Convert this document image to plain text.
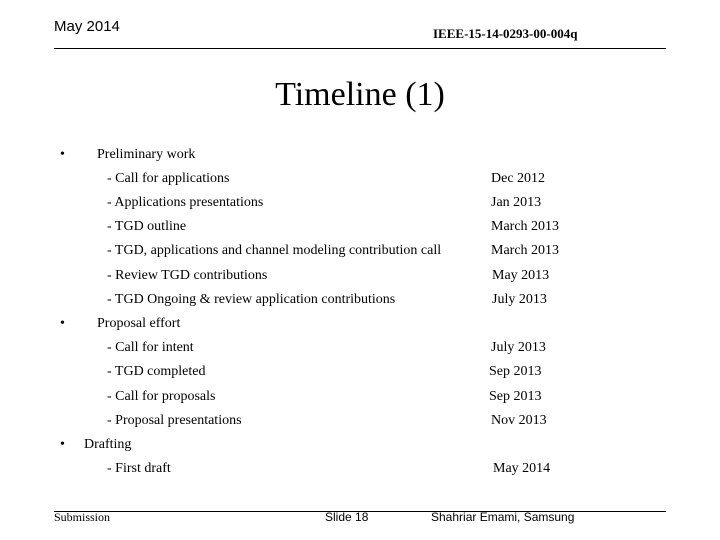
May 2014	IEEE-15-14-0293-00-004q
Timeline (1)
• Preliminary work
- Call for applications	Dec 2012
- Applications presentations	Jan 2013
- TGD outline	March 2013
- TGD, applications and channel modeling contribution call	March 2013
- Review TGD contributions	May 2013
- TGD Ongoing & review application contributions	July 2013
• Proposal effort
- Call for intent	July 2013
- TGD completed	Sep 2013
- Call for proposals	Sep 2013
- Proposal presentations	Nov 2013
• Drafting
- First draft	May 2014
Submission	Slide 18	Shahriar Emami, Samsung
